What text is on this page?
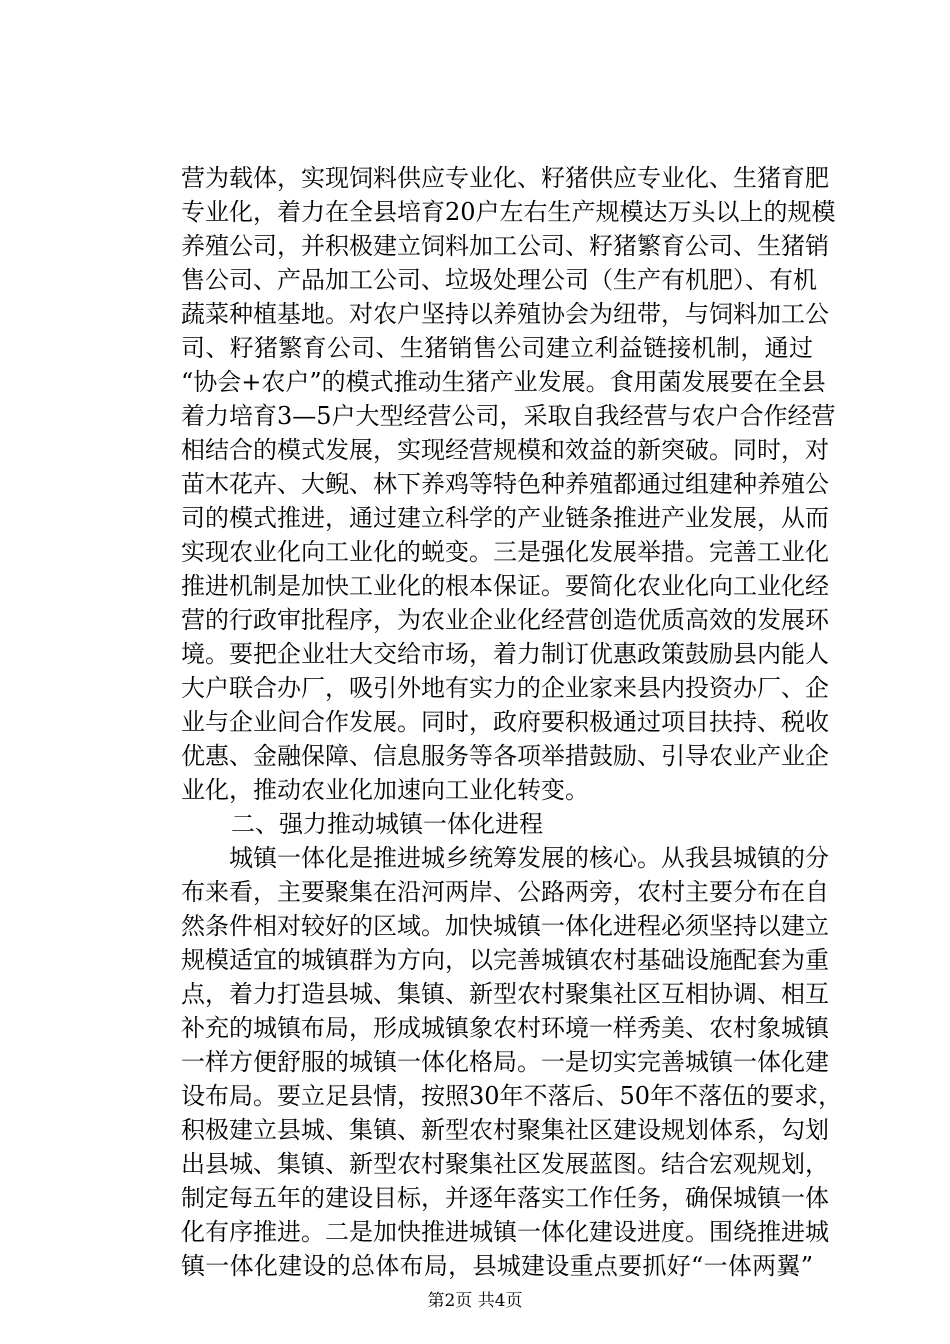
营为载体，实现饲料供应专业化、籽猪供应专业化、生猪育肥
专业化，着力在全县培育20户左右生产规模达万头以上的规模
养殖公司，并积极建立饲料加工公司、籽猪繁育公司、生猪销
售公司、产品加工公司、垃圾处理公司（生产有机肥）、有机
蔬菜种植基地。对农户坚持以养殖协会为纽带，与饲料加工公
司、籽猪繁育公司、生猪销售公司建立利益链接机制，通过
“协会+农户”的模式推动生猪产业发展。食用菌发展要在全县
着力培育3—5户大型经营公司，采取自我经营与农户合作经营
相结合的模式发展，实现经营规模和效益的新突破。同时，对
苗木花卉、大鲵、林下养鸡等特色种养殖都通过组建种养殖公
司的模式推进，通过建立科学的产业链条推进产业发展，从而
实现农业化向工业化的蜕变。三是强化发展举措。完善工业化
推进机制是加快工业化的根本保证。要简化农业化向工业化经
营的行政审批程序，为农业企业化经营创造优质高效的发展环
境。要把企业壮大交给市场，着力制订优惠政策鼓励县内能人
大户联合办厂，吸引外地有实力的企业家来县内投资办厂、企
业与企业间合作发展。同时，政府要积极通过项目扶持、税收
优惠、金融保障、信息服务等各项举措鼓励、引导农业产业企
业化，推动农业化加速向工业化转变。
二、强力推动城镇一体化进程
城镇一体化是推进城乡统筹发展的核心。从我县城镇的分
布来看，主要聚集在沿河两岸、公路两旁，农村主要分布在自
然条件相对较好的区域。加快城镇一体化进程必须坚持以建立
规模适宜的城镇群为方向，以完善城镇农村基础设施配套为重
点，着力打造县城、集镇、新型农村聚集社区互相协调、相互
补充的城镇布局，形成城镇象农村环境一样秀美、农村象城镇
一样方便舒服的城镇一体化格局。一是切实完善城镇一体化建
设布局。要立足县情，按照30年不落后、50年不落伍的要求，
积极建立县城、集镇、新型农村聚集社区建设规划体系，勾划
出县城、集镇、新型农村聚集社区发展蓝图。结合宏观规划，
制定每五年的建设目标，并逐年落实工作任务，确保城镇一体
化有序推进。二是加快推进城镇一体化建设进度。围绕推进城
镇一体化建设的总体布局，县城建设重点要抓好“一体两翼”
第2页 共4页
